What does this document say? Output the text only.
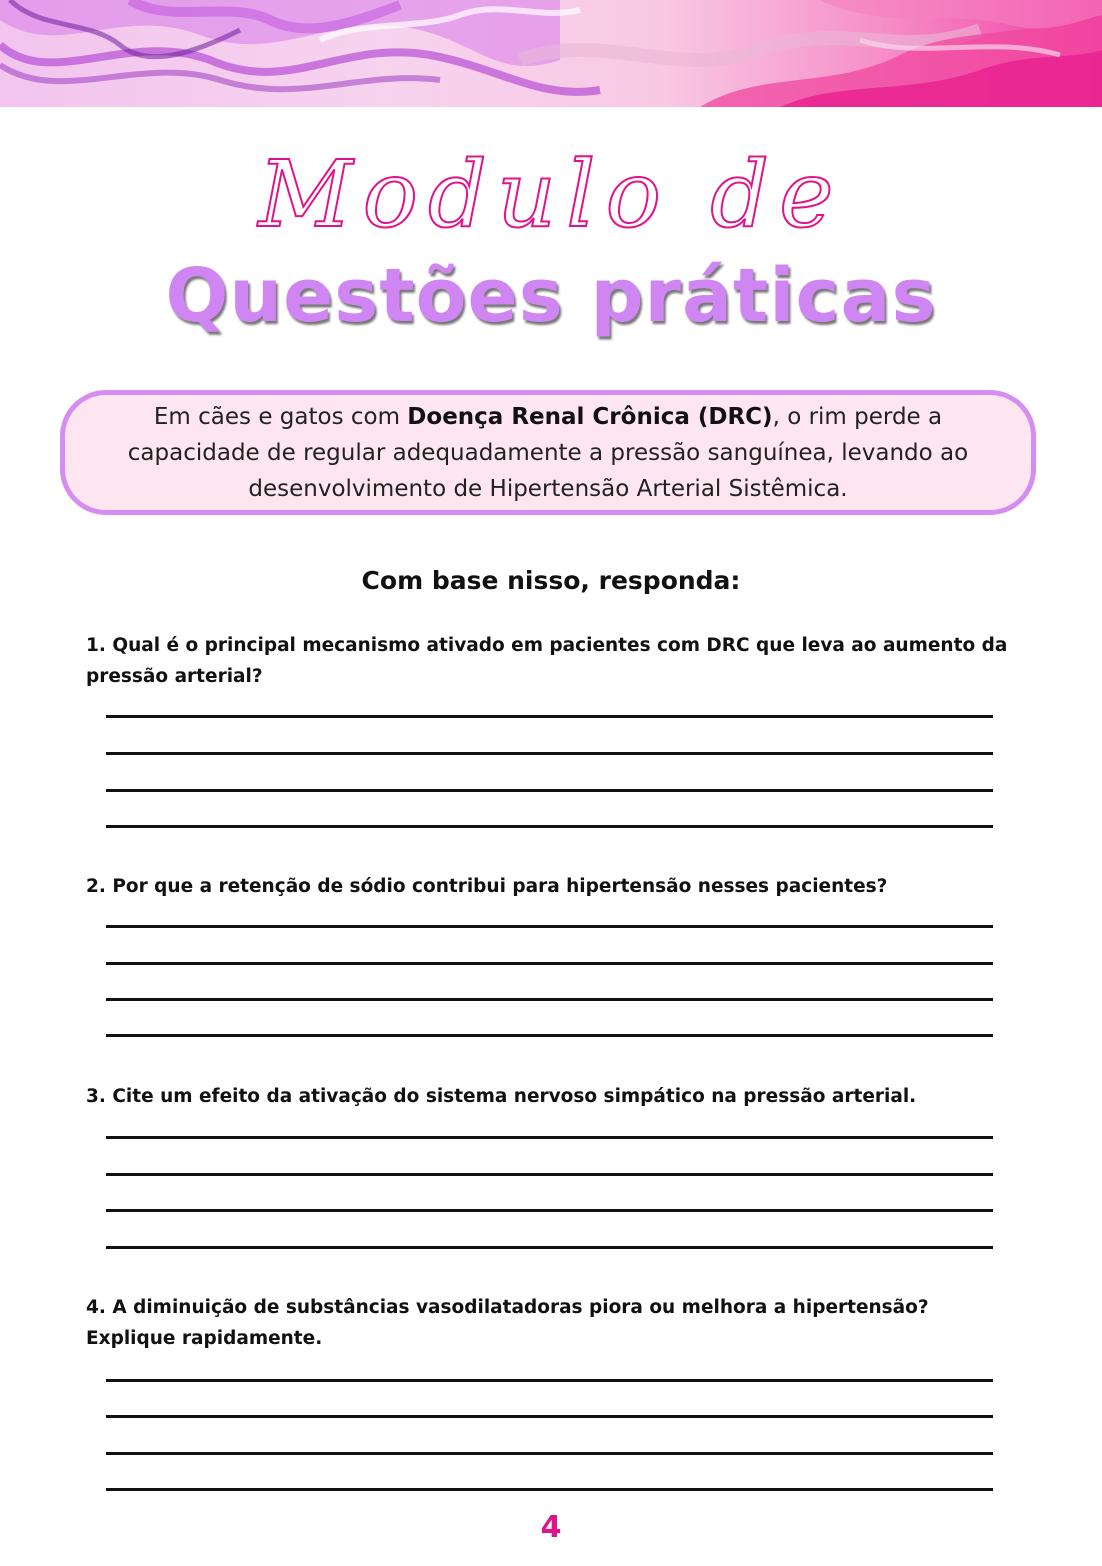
Modulo de
Questões práticas
Em cães e gatos com Doença Renal Crônica (DRC), o rim perde a capacidade de regular adequadamente a pressão sanguínea, levando ao desenvolvimento de Hipertensão Arterial Sistêmica.
Com base nisso, responda:
1. Qual é o principal mecanismo ativado em pacientes com DRC que leva ao aumento da pressão arterial?
2. Por que a retenção de sódio contribui para hipertensão nesses pacientes?
3. Cite um efeito da ativação do sistema nervoso simpático na pressão arterial.
4. A diminuição de substâncias vasodilatadoras piora ou melhora a hipertensão? Explique rapidamente.
4
